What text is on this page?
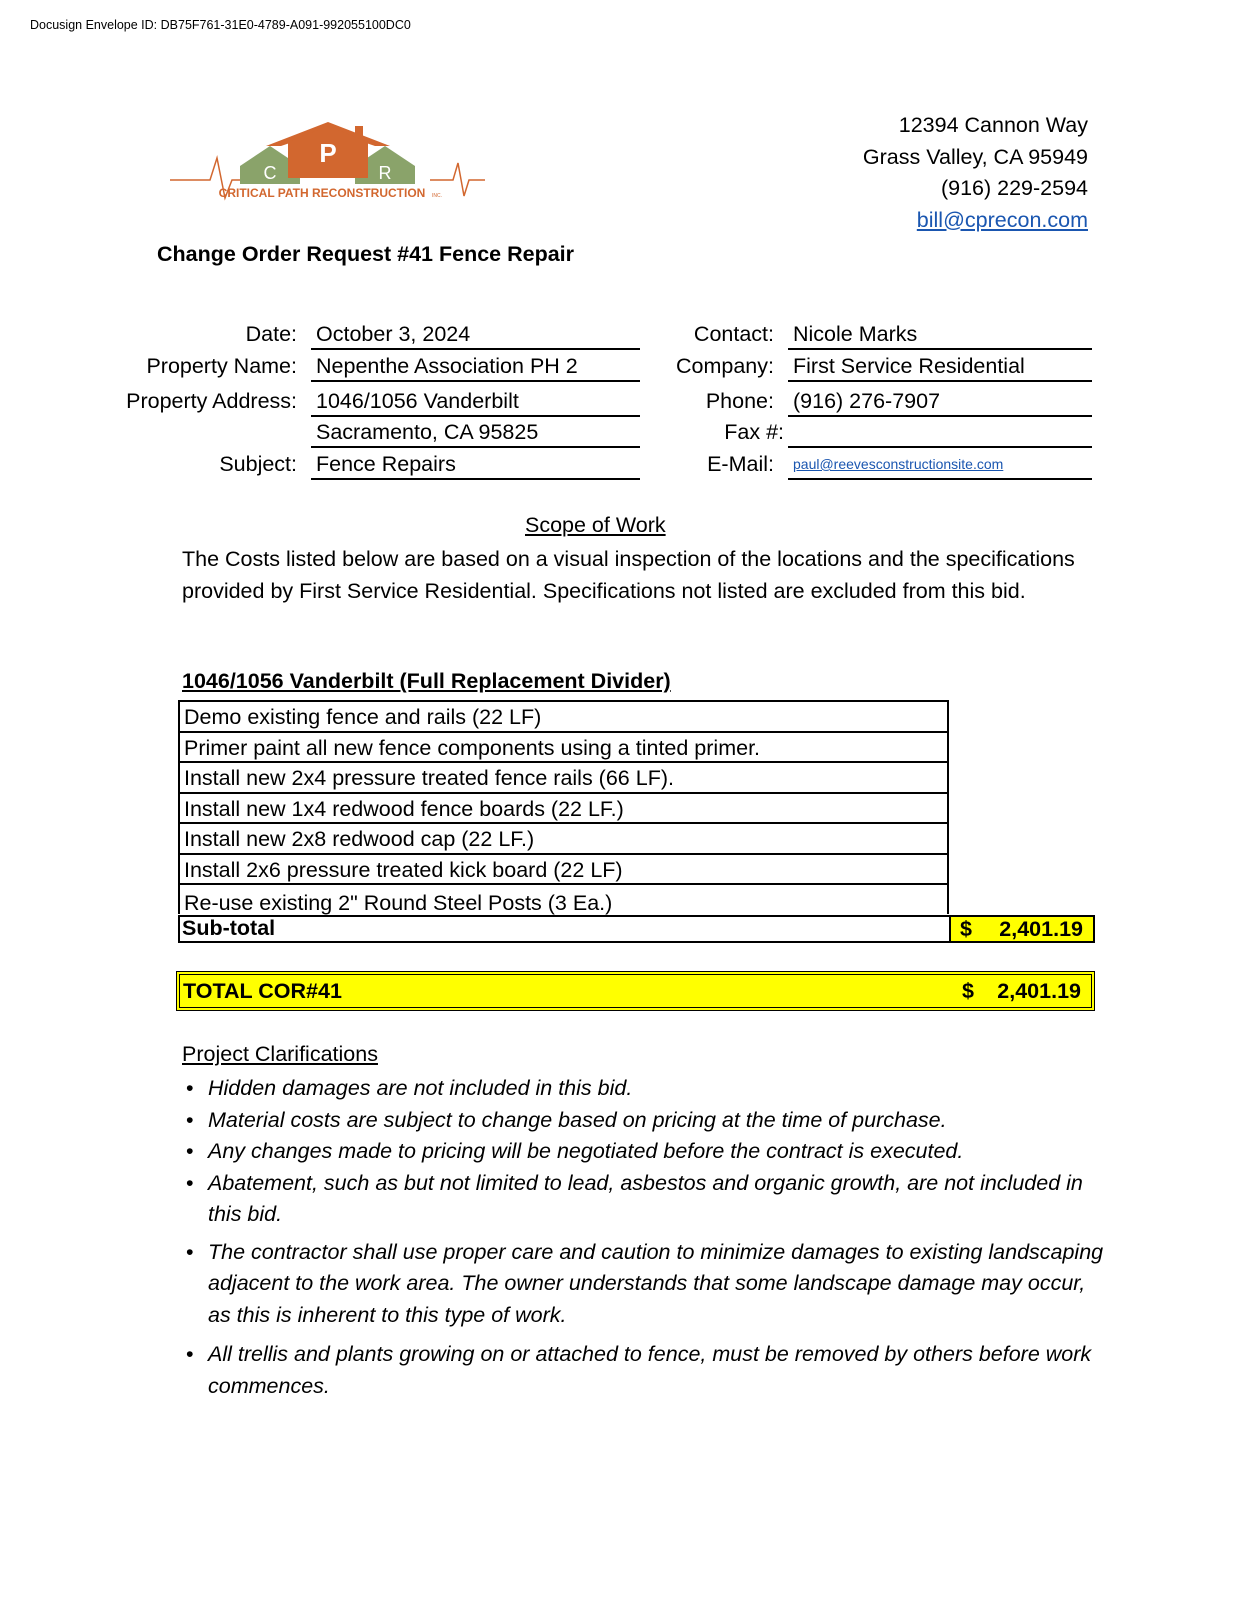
Docusign Envelope ID: DB75F761-31E0-4789-A091-992055100DC0
P
C	R
CRITICAL PATH RECONSTRUCTION INC.
12394 Cannon Way
Grass Valley, CA 95949
(916) 229-2594
bill@cprecon.com
Change Order Request #41 Fence Repair
Date: October 3, 2024
Property Name: Nepenthe Association PH 2
Property Address: 1046/1056 Vanderbilt
Sacramento, CA 95825
Subject: Fence Repairs
Contact: Nicole Marks
Company: First Service Residential
Phone: (916) 276-7907
Fax #:
E-Mail:	paul@reevesconstructionsite.com
Scope of Work
The Costs listed below are based on a visual inspection of the locations and the specifications provided by First Service Residential. Specifications not listed are excluded from this bid.
1046/1056 Vanderbilt (Full Replacement Divider)
Demo existing fence and rails (22 LF)
Primer paint all new fence components using a tinted primer.
Install new 2x4 pressure treated fence rails (66 LF).
Install new 1x4 redwood fence boards (22 LF.)
Install new 2x8 redwood cap (22 LF.)
Install 2x6 pressure treated kick board (22 LF)
Re-use existing 2" Round Steel Posts (3 Ea.)
Sub-total	$ 2,401.19
TOTAL COR#41	$ 2,401.19
Project Clarifications
• Hidden damages are not included in this bid.
• Material costs are subject to change based on pricing at the time of purchase.
• Any changes made to pricing will be negotiated before the contract is executed.
• Abatement, such as but not limited to lead, asbestos and organic growth, are not included in this bid.
• The contractor shall use proper care and caution to minimize damages to existing landscaping adjacent to the work area. The owner understands that some landscape damage may occur, as this is inherent to this type of work.
• All trellis and plants growing on or attached to fence, must be removed by others before work commences.
